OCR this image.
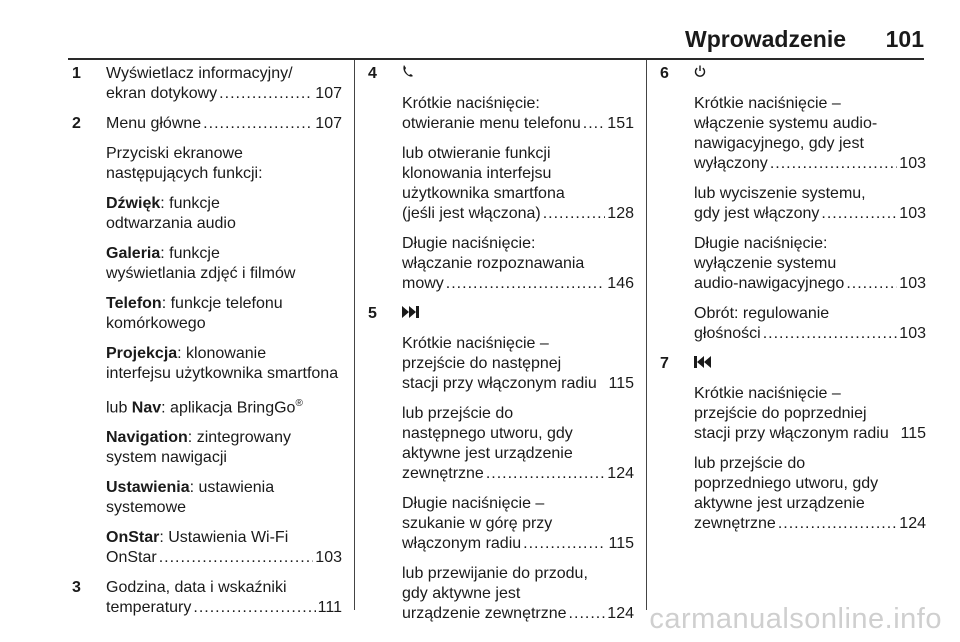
Wprowadzenie 101
1 Wyświetlacz informacyjny/
ekran dotykowy .....	107
2 Menu główne .....	107
Przyciski ekranowe
następujących funkcji:
Dźwięk: funkcje
odtwarzania audio
Galeria: funkcje
wyświetlania zdjęć i filmów
Telefon: funkcje telefonu
komórkowego
Projekcja: klonowanie
interfejsu użytkownika smartfona
lub Nav: aplikacja BringGo®
Navigation: zintegrowany
system nawigacji
Ustawienia: ustawienia
systemowe
OnStar: Ustawienia Wi-Fi
OnStar .....	103
3 Godzina, data i wskaźniki
temperatury .....	111
4
Krótkie naciśnięcie:
otwieranie menu telefonu ..... 151
lub otwieranie funkcji
klonowania interfejsu
użytkownika smartfona
(jeśli jest włączona) .....	128
Długie naciśnięcie:
włączanie rozpoznawania
mowy .....	146
5
Krótkie naciśnięcie –
przejście do następnej
stacji przy włączonym radiu 115
lub przejście do
następnego utworu, gdy
aktywne jest urządzenie
zewnętrzne .....	124
Długie naciśnięcie –
szukanie w górę przy
włączonym radiu .....	115
lub przewijanie do przodu,
gdy aktywne jest
urządzenie zewnętrzne .....	124
6
Krótkie naciśnięcie –
włączenie systemu audio-
nawigacyjnego, gdy jest
wyłączony .....	103
lub wyciszenie systemu,
gdy jest włączony .....	103
Długie naciśnięcie:
wyłączenie systemu
audio-nawigacyjnego .....	103
Obrót: regulowanie
głośności .....	103
7
Krótkie naciśnięcie –
przejście do poprzedniej
stacji przy włączonym radiu 115
lub przejście do
poprzedniego utworu, gdy
aktywne jest urządzenie
zewnętrzne .....	124
carmanualsonline.info
